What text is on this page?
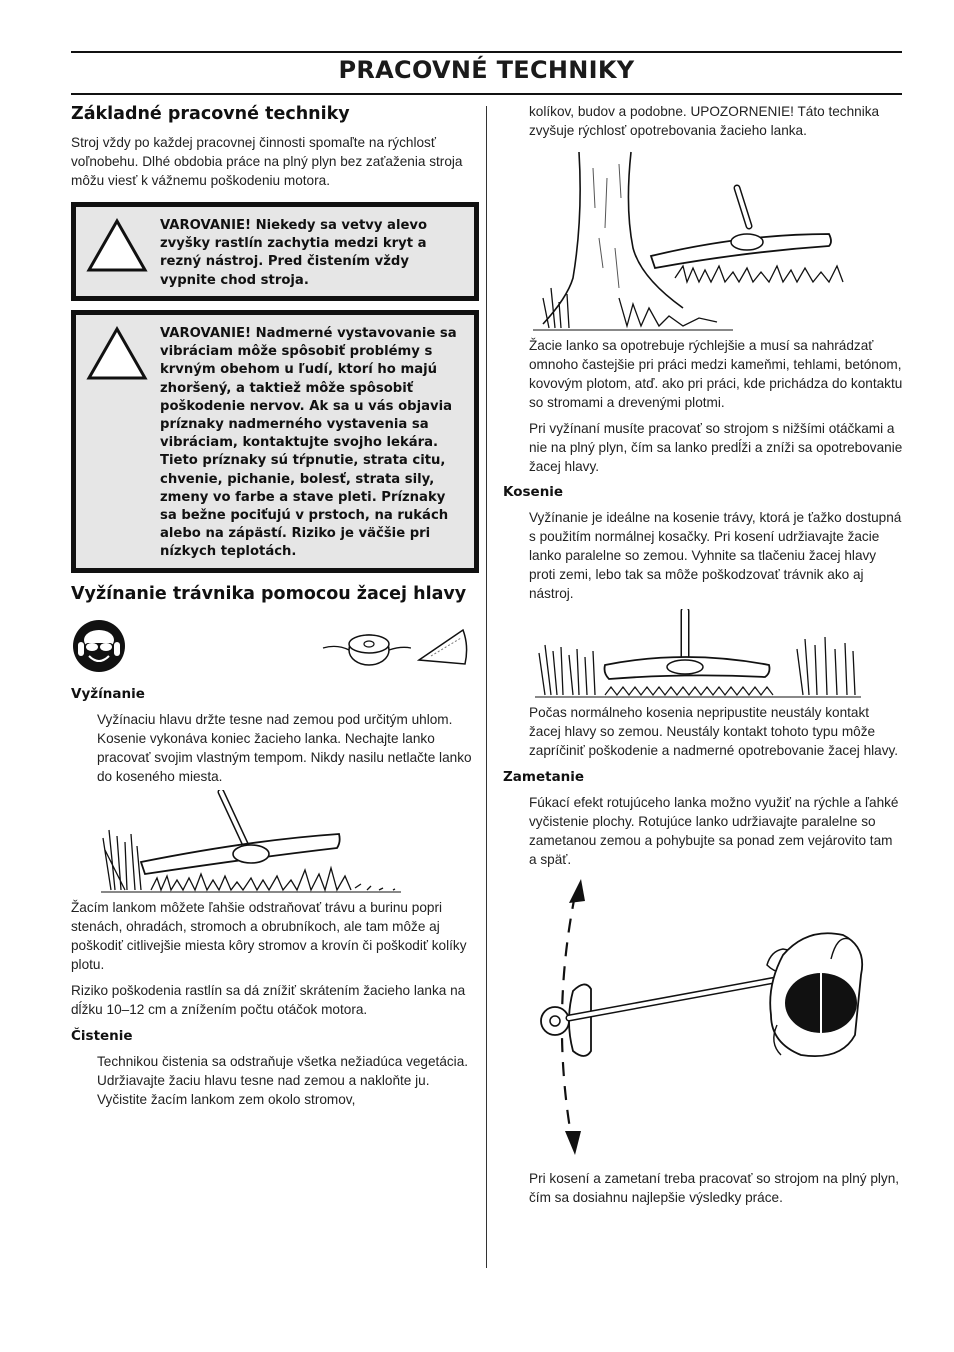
PRACOVNÉ TECHNIKY
Základné pracovné techniky

Stroj vždy po každej pracovnej činnosti spomaľte na rýchlosť voľnobehu. Dlhé obdobia práce na plný plyn bez zaťaženia stroja môžu viesť k vážnemu poškodeniu motora.

VAROVANIE! Niekedy sa vetvy alevo zvyšky rastlín zachytia medzi kryt a rezný nástroj. Pred čistením vždy vypnite chod stroja.
VAROVANIE! Nadmerné vystavovanie sa vibráciam môže spôsobiť problémy s krvným obehom u ľudí, ktorí ho majú zhoršený, a taktiež môže spôsobiť poškodenie nervov. Ak sa u vás objavia príznaky nadmerného vystavenia sa vibráciam, kontaktujte svojho lekára. Tieto príznaky sú tŕpnutie, strata citu, chvenie, pichanie, bolesť, strata sily, zmeny vo farbe a stave pleti. Príznaky sa bežne pociťujú v prstoch, na rukách alebo na zápästí. Riziko je väčšie pri nízkych teplotách.
Vyžínanie trávnika pomocou žacej hlavy
Vyžínanie

Vyžínaciu hlavu držte tesne nad zemou pod určitým uhlom. Kosenie vykonáva koniec žacieho lanka. Nechajte lanko pracovať svojim vlastným tempom. Nikdy nasilu netlačte lanko do koseného miesta.

Žacím lankom môžete ľahšie odstraňovať trávu a burinu popri stenách, ohradách, stromoch a obrubníkoch, ale tam môže aj poškodiť citlivejšie miesta kôry stromov a krovín či poškodiť kolíky plotu.

Riziko poškodenia rastlín sa dá znížiť skrátením žacieho lanka na dĺžku 10–12 cm a znížením počtu otáčok motora.

Čistenie

Technikou čistenia sa odstraňuje všetka nežiadúca vegetácia. Udržiavajte žaciu hlavu tesne nad zemou a nakloňte ju. Vyčistite žacím lankom zem okolo stromov,

kolíkov, budov a podobne. UPOZORNENIE! Táto technika zvyšuje rýchlosť opotrebovania žacieho lanka.

Žacie lanko sa opotrebuje rýchlejšie a musí sa nahrádzať omnoho častejšie pri práci medzi kameňmi, tehlami, betónom, kovovým plotom, atď. ako pri práci, kde prichádza do kontaktu so stromami a drevenými plotmi.

Pri vyžínaní musíte pracovať so strojom s nižšími otáčkami a nie na plný plyn, čím sa lanko predĺži a zníži sa opotrebovanie žacej hlavy.

Kosenie

Vyžínanie je ideálne na kosenie trávy, ktorá je ťažko dostupná s použitím normálnej kosačky. Pri kosení udržiavajte žacie lanko paralelne so zemou. Vyhnite sa tlačeniu žacej hlavy proti zemi, lebo tak sa môže poškodzovať trávnik ako aj nástroj.

Počas normálneho kosenia nepripustite neustály kontakt žacej hlavy so zemou. Neustály kontakt tohoto typu môže zapríčiniť poškodenie a nadmerné opotrebovanie žacej hlavy.

Zametanie

Fúkací efekt rotujúceho lanka možno využiť na rýchle a ľahké vyčistenie plochy. Rotujúce lanko udržiavajte paralelne so zametanou zemou a pohybujte sa ponad zem vejárovito tam a späť.

Pri kosení a zametaní treba pracovať so strojom na plný plyn, čím sa dosiahnu najlepšie výsledky práce.
